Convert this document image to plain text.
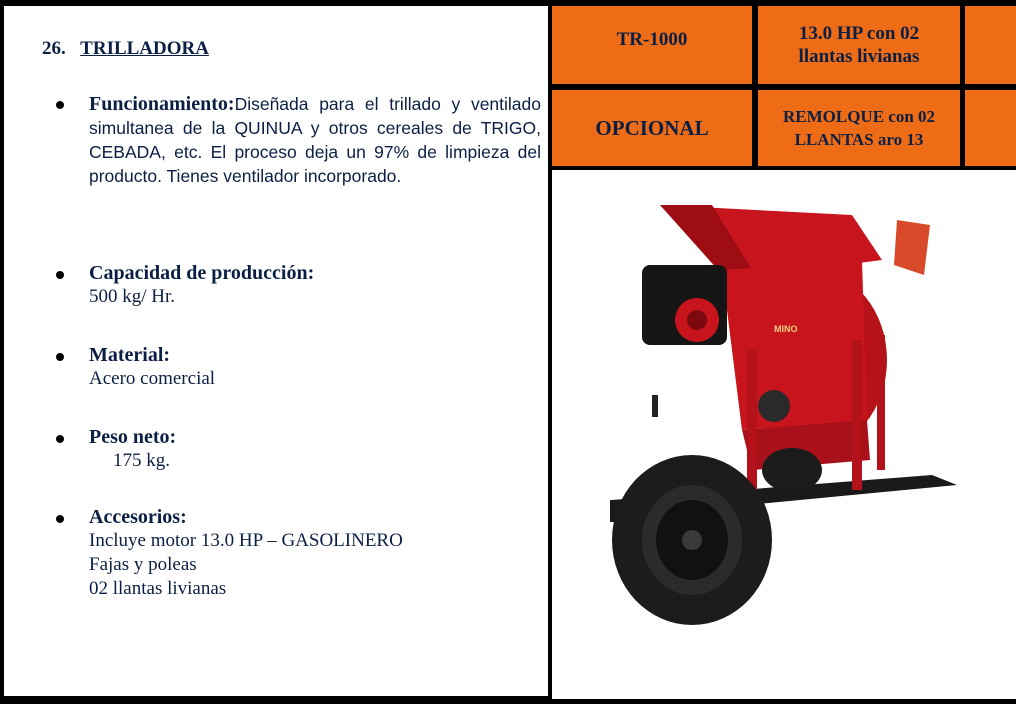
26. TRILLADORA
Funcionamiento:Diseñada para el trillado y ventilado simultanea de la QUINUA y otros cereales de TRIGO, CEBADA, etc. El proceso deja un 97% de limpieza del producto. Tienes ventilador incorporado.
Capacidad de producción:
500 kg/ Hr.
Material:
Acero comercial
Peso neto:
175 kg.
Accesorios:
Incluye motor 13.0 HP – GASOLINERO
Fajas y poleas
02 llantas livianas
TR-1000	13.0 HP con 02 llantas livianas
OPCIONAL	REMOLQUE con 02 LLANTAS aro 13
MINO
